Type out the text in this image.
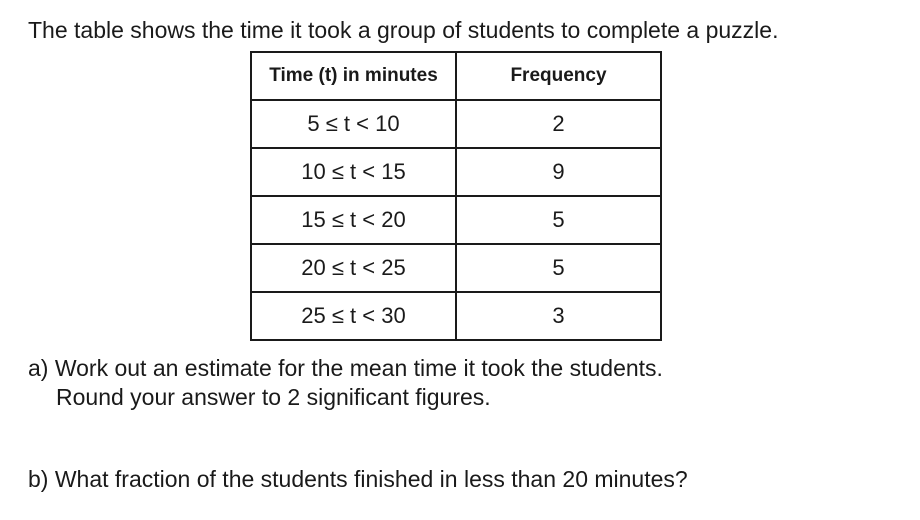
The table shows the time it took a group of students to complete a puzzle.
Time (t) in minutes	Frequency
5 ≤ t < 10	2
10 ≤ t < 15	9
15 ≤ t < 20	5
20 ≤ t < 25	5
25 ≤ t < 30	3
a) Work out an estimate for the mean time it took the students.
Round your answer to 2 significant figures.
b) What fraction of the students finished in less than 20 minutes?
